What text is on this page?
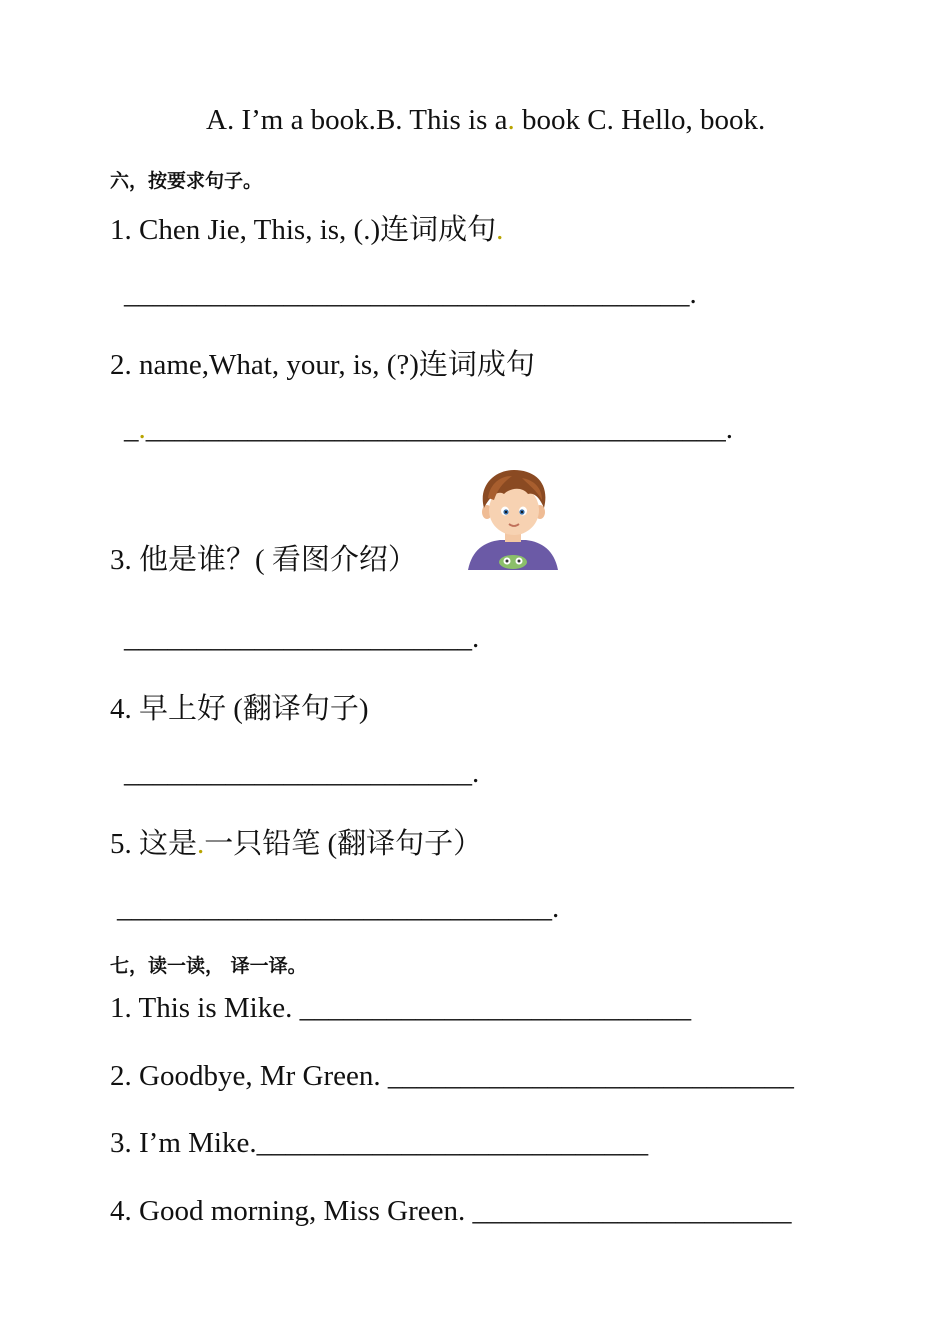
A. I’m a book.B. This is a. book C. Hello, book.
六，按要求句子。
1. Chen Jie, This, is, (.)连词成句.
_______________________________________.
2. name,What, your, is, (?)连词成句
_.________________________________________.
3. 他是谁？( 看图介绍）
________________________.
4. 早上好 (翻译句子)
________________________.
5. 这是.一只铅笔 (翻译句子）
______________________________.
七，读一读， 译一译。
1. This is Mike. ___________________________
2. Goodbye, Mr Green. ____________________________
3. I’m Mike.___________________________
4. Good morning, Miss Green. ______________________
